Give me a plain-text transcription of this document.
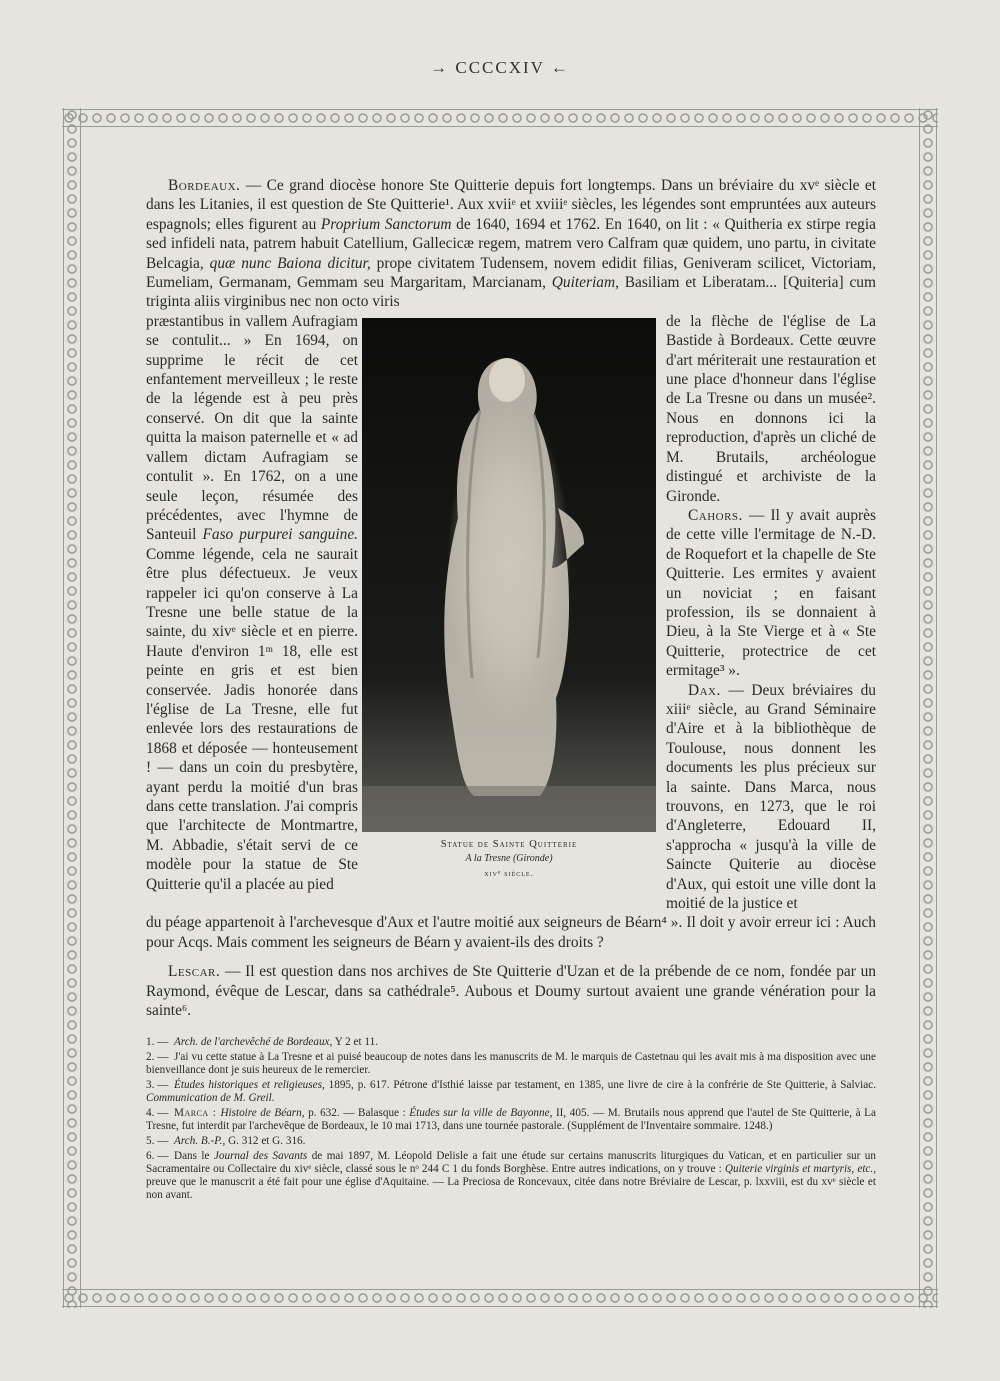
→ CCCCXIV ←

Bordeaux. — Ce grand diocèse honore Ste Quitterie depuis fort longtemps. Dans un bréviaire du xvᵉ siècle et dans les Litanies, il est question de Ste Quitterie¹. Aux xviiᵉ et xviiiᵉ siècles, les légendes sont empruntées aux auteurs espagnols; elles figurent au Proprium Sanctorum de 1640, 1694 et 1762. En 1640, on lit : « Quitheria ex stirpe regia sed infideli nata, patrem habuit Catellium, Gallecicæ regem, matrem vero Calfram quæ quidem, uno partu, in civitate Belcagia, quæ nunc Baiona dicitur, prope civitatem Tudensem, novem edidit filias, Geniveram scilicet, Victoriam, Eumeliam, Germanam, Gemmam seu Margaritam, Marcianam, Quiteriam, Basiliam et Liberatam... [Quiteria] cum triginta aliis virginibus nec non octo viris

præstantibus in vallem Aufragiam se contulit... » En 1694, on supprime le récit de cet enfantement merveilleux ; le reste de la légende est à peu près conservé. On dit que la sainte quitta la maison paternelle et « ad vallem dictam Aufragiam se contulit ». En 1762, on a une seule leçon, résumée des précédentes, avec l'hymne de Santeuil Faso purpurei sanguine. Comme légende, cela ne saurait être plus défectueux. Je veux rappeler ici qu'on conserve à La Tresne une belle statue de la sainte, du xivᵉ siècle et en pierre. Haute d'environ 1ᵐ 18, elle est peinte en gris et est bien conservée. Jadis honorée dans l'église de La Tresne, elle fut enlevée lors des restaurations de 1868 et déposée — honteusement ! — dans un coin du presbytère, ayant perdu la moitié d'un bras dans cette translation. J'ai compris que l'architecte de Montmartre, M. Abbadie, s'était servi de ce modèle pour la statue de Ste Quitterie qu'il a placée au pied
Statue de Sainte Quitterie
A la Tresne (Gironde)
xivᵉ siècle.
de la flèche de l'église de La Bastide à Bordeaux. Cette œuvre d'art mériterait une restauration et une place d'honneur dans l'église de La Tresne ou dans un musée². Nous en donnons ici la reproduction, d'après un cliché de M. Brutails, archéologue distingué et archiviste de la Gironde.

Cahors. — Il y avait auprès de cette ville l'ermitage de N.-D. de Roquefort et la chapelle de Ste Quitterie. Les ermites y avaient un noviciat ; en faisant profession, ils se donnaient à Dieu, à la Ste Vierge et à « Ste Quitterie, protectrice de cet ermitage³ ».

Dax. — Deux bréviaires du xiiiᵉ siècle, au Grand Séminaire d'Aire et à la bibliothèque de Toulouse, nous donnent les documents les plus précieux sur la sainte. Dans Marca, nous trouvons, en 1273, que le roi d'Angleterre, Edouard II, s'approcha « jusqu'à la ville de Saincte Quiterie au diocèse d'Aux, qui estoit une ville dont la moitié de la justice et

du péage appartenoit à l'archevesque d'Aux et l'autre moitié aux seigneurs de Béarn⁴ ». Il doit y avoir erreur ici : Auch pour Acqs. Mais comment les seigneurs de Béarn y avaient-ils des droits ?

Lescar. — Il est question dans nos archives de Ste Quitterie d'Uzan et de la prébende de ce nom, fondée par un Raymond, évêque de Lescar, dans sa cathédrale⁵. Aubous et Doumy surtout avaient une grande vénération pour la sainte⁶.

1. — Arch. de l'archevêché de Bordeaux, Y 2 et 11.

2. — J'ai vu cette statue à La Tresne et ai puisé beaucoup de notes dans les manuscrits de M. le marquis de Castetnau qui les avait mis à ma disposition avec une bienveillance dont je suis heureux de le remercier.

3. — Études historiques et religieuses, 1895, p. 617. Pétrone d'Isthié laisse par testament, en 1385, une livre de cire à la confrérie de Ste Quitterie, à Salviac. Communication de M. Greil.

4. — Marca : Histoire de Béarn, p. 632. — Balasque : Études sur la ville de Bayonne, II, 405. — M. Brutails nous apprend que l'autel de Ste Quitterie, à La Tresne, fut interdit par l'archevêque de Bordeaux, le 10 mai 1713, dans une tournée pastorale. (Supplément de l'Inventaire sommaire. 1248.)

5. — Arch. B.-P., G. 312 et G. 316.

6. — Dans le Journal des Savants de mai 1897, M. Léopold Delisle a fait une étude sur certains manuscrits liturgiques du Vatican, et en particulier sur un Sacramentaire ou Collectaire du xivᵉ siècle, classé sous le nᵒ 244 C 1 du fonds Borghèse. Entre autres indications, on y trouve : Quiterie virginis et martyris, etc., preuve que le manuscrit a été fait pour une église d'Aquitaine. — La Preciosa de Roncevaux, citée dans notre Bréviaire de Lescar, p. lxxviii, est du xvᵉ siècle et non avant.
